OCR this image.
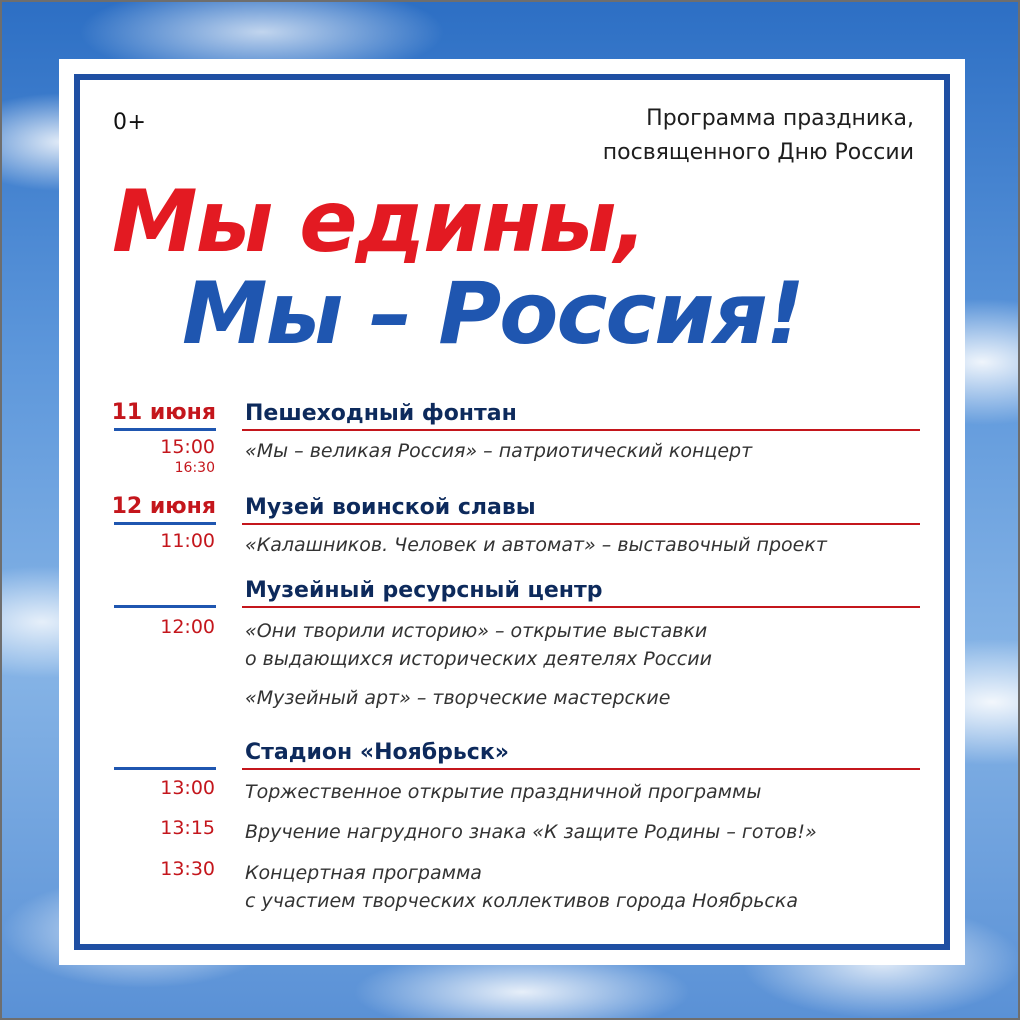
0+	Программа праздника,
посвященного Дню России
Мы едины,
Мы – Россия!
11 июня Пешеходный фонтан
15:00
16:30
«Мы – великая Россия» – патриотический концерт
12 июня Музей воинской славы
11:00 «Калашников. Человек и автомат» – выставочный проект
Музейный ресурсный центр
12:00 «Они творили историю» – открытие выставки
о выдающихся исторических деятелях России
«Музейный арт» – творческие мастерские
Стадион «Ноябрьск»
13:00 Торжественное открытие праздничной программы
13:15 Вручение нагрудного знака «К защите Родины – готов!»
13:30 Концертная программа
с участием творческих коллективов города Ноябрьска
